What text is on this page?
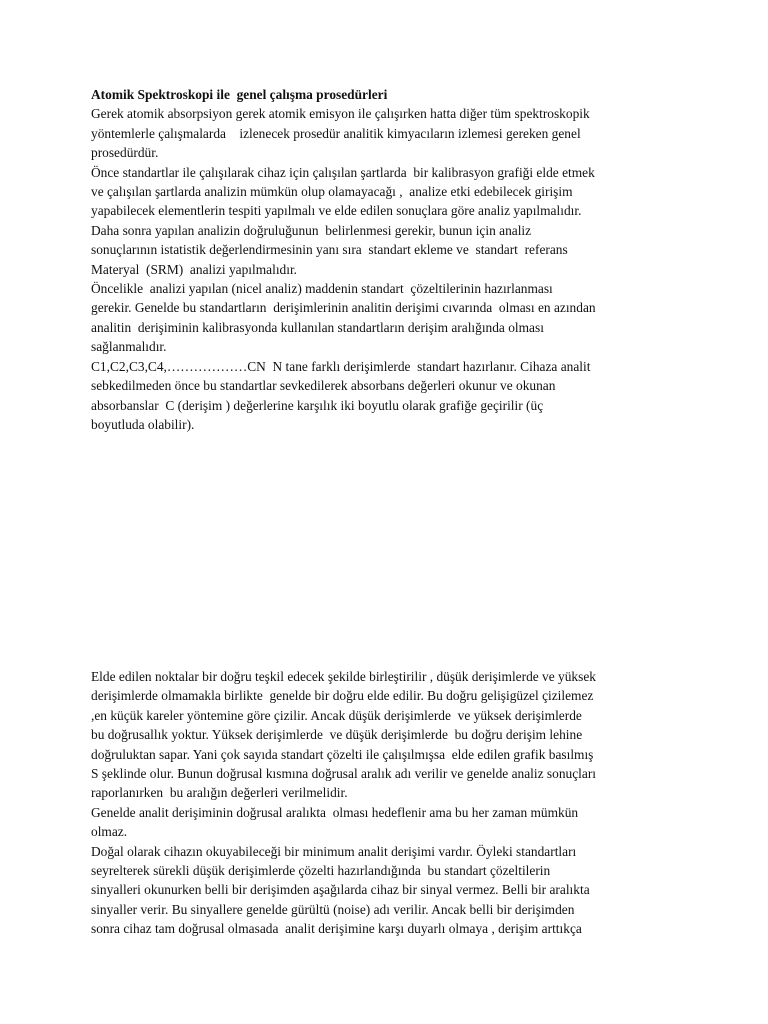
Atomik Spektroskopi ile  genel çalışma prosedürleri
Gerek atomik absorpsiyon gerek atomik emisyon ile çalışırken hatta diğer tüm spektroskopik
yöntemlerle çalışmalarda    izlenecek prosedür analitik kimyacıların izlemesi gereken genel
prosedürdür.
Önce standartlar ile çalışılarak cihaz için çalışılan şartlarda  bir kalibrasyon grafiği elde etmek
ve çalışılan şartlarda analizin mümkün olup olamayacağı ,  analize etki edebilecek girişim
yapabilecek elementlerin tespiti yapılmalı ve elde edilen sonuçlara göre analiz yapılmalıdır.
Daha sonra yapılan analizin doğruluğunun  belirlenmesi gerekir, bunun için analiz
sonuçlarının istatistik değerlendirmesinin yanı sıra  standart ekleme ve  standart  referans
Materyal  (SRM)  analizi yapılmalıdır.
Öncelikle  analizi yapılan (nicel analiz) maddenin standart  çözeltilerinin hazırlanması
gerekir. Genelde bu standartların  derişimlerinin analitin derişimi cıvarında  olması en azından
analitin  derişiminin kalibrasyonda kullanılan standartların derişim aralığında olması
sağlanmalıdır.
C1,C2,C3,C4,………………CN  N tane farklı derişimlerde  standart hazırlanır. Cihaza analit
sebkedilmeden önce bu standartlar sevkedilerek absorbans değerleri okunur ve okunan
absorbanslar  C (derişim ) değerlerine karşılık iki boyutlu olarak grafiğe geçirilir (üç
boyutluda olabilir).
Elde edilen noktalar bir doğru teşkil edecek şekilde birleştirilir , düşük derişimlerde ve yüksek
derişimlerde olmamakla birlikte  genelde bir doğru elde edilir. Bu doğru gelişigüzel çizilemez
,en küçük kareler yöntemine göre çizilir. Ancak düşük derişimlerde  ve yüksek derişimlerde
bu doğrusallık yoktur. Yüksek derişimlerde  ve düşük derişimlerde  bu doğru derişim lehine
doğruluktan sapar. Yani çok sayıda standart çözelti ile çalışılmışsa  elde edilen grafik basılmış
S şeklinde olur. Bunun doğrusal kısmına doğrusal aralık adı verilir ve genelde analiz sonuçları
raporlanırken  bu aralığın değerleri verilmelidir.
Genelde analit derişiminin doğrusal aralıkta  olması hedeflenir ama bu her zaman mümkün
olmaz.
Doğal olarak cihazın okuyabileceği bir minimum analit derişimi vardır. Öyleki standartları
seyrelterek sürekli düşük derişimlerde çözelti hazırlandığında  bu standart çözeltilerin
sinyalleri okunurken belli bir derişimden aşağılarda cihaz bir sinyal vermez. Belli bir aralıkta
sinyaller verir. Bu sinyallere genelde gürültü (noise) adı verilir. Ancak belli bir derişimden
sonra cihaz tam doğrusal olmasada  analit derişimine karşı duyarlı olmaya , derişim arttıkça
